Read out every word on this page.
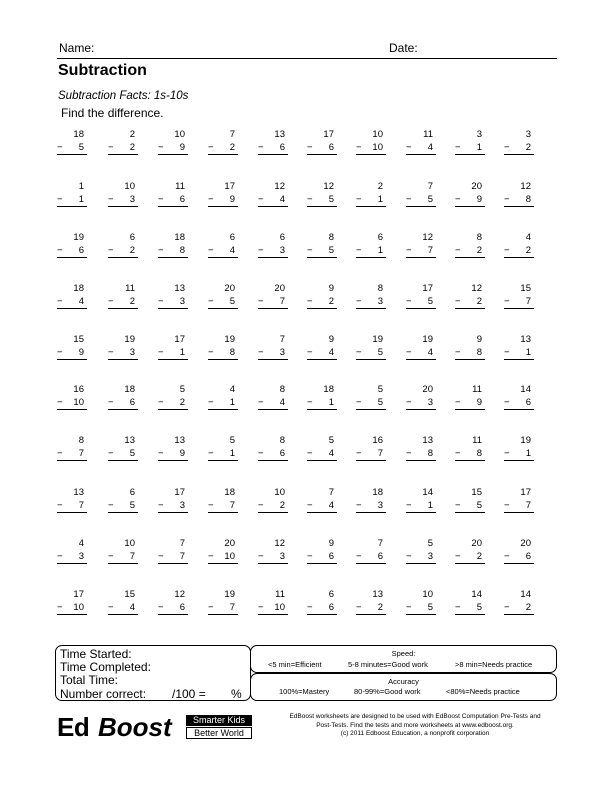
Name:	Date:
Subtraction
Subtraction Facts: 1s-10s
Find the difference.
18
− 5
2
− 2
10
− 9
7
− 2
13
− 6
17
− 6
10
− 10
11
− 4
3
− 1
3
− 2
1
− 1
10
− 3
11
− 6
17
− 9
12
− 4
12
− 5
2
− 1
7
− 5
20
− 9
12
− 8
19
− 6
6
− 2
18
− 8
6
− 4
6
− 3
8
− 5
6
− 1
12
− 7
8
− 2
4
− 2
18
− 4
11
− 2
13
− 3
20
− 5
20
− 7
9
− 2
8
− 3
17
− 5
12
− 2
15
− 7
15
− 9
19
− 3
17
− 1
19
− 8
7
− 3
9
− 4
19
− 5
19
− 4
9
− 8
13
− 1
16
− 10
18
− 6
5
− 2
4
− 1
8
− 4
18
− 1
5
− 5
20
− 3
11
− 9
14
− 6
8
− 7
13
− 5
13
− 9
5
− 1
8
− 6
5
− 4
16
− 7
13
− 8
11
− 8
19
− 1
13
− 7
6
− 5
17
− 3
18
− 7
10
− 2
7
− 4
18
− 3
14
− 1
15
− 5
17
− 7
4
− 3
10
− 7
7
− 7
20
− 10
12
− 3
9
− 6
7
− 6
5
− 3
20
− 2
20
− 6
17
− 10
15
− 4
12
− 6
19
− 7
11
− 10
6
− 6
13
− 2
10
− 5
14
− 5
14
− 2
Time Started:
Time Completed:
Total Time:
Number correct: /100 = %
Speed:
<5 min=Efficient	5-8 minutes=Good work	>8 min=Needs practice
Accuracy
100%=Mastery	80-99%=Good work	<80%=Needs practice
Ed Boost	Smarter Kids
Better World
EdBoost worksheets are designed to be used with EdBoost Computation Pre-Tests and
Post-Tests. Find the tests and more worksheets at www.edboost.org.
(c) 2011 Edboost Education, a nonprofit corporation
